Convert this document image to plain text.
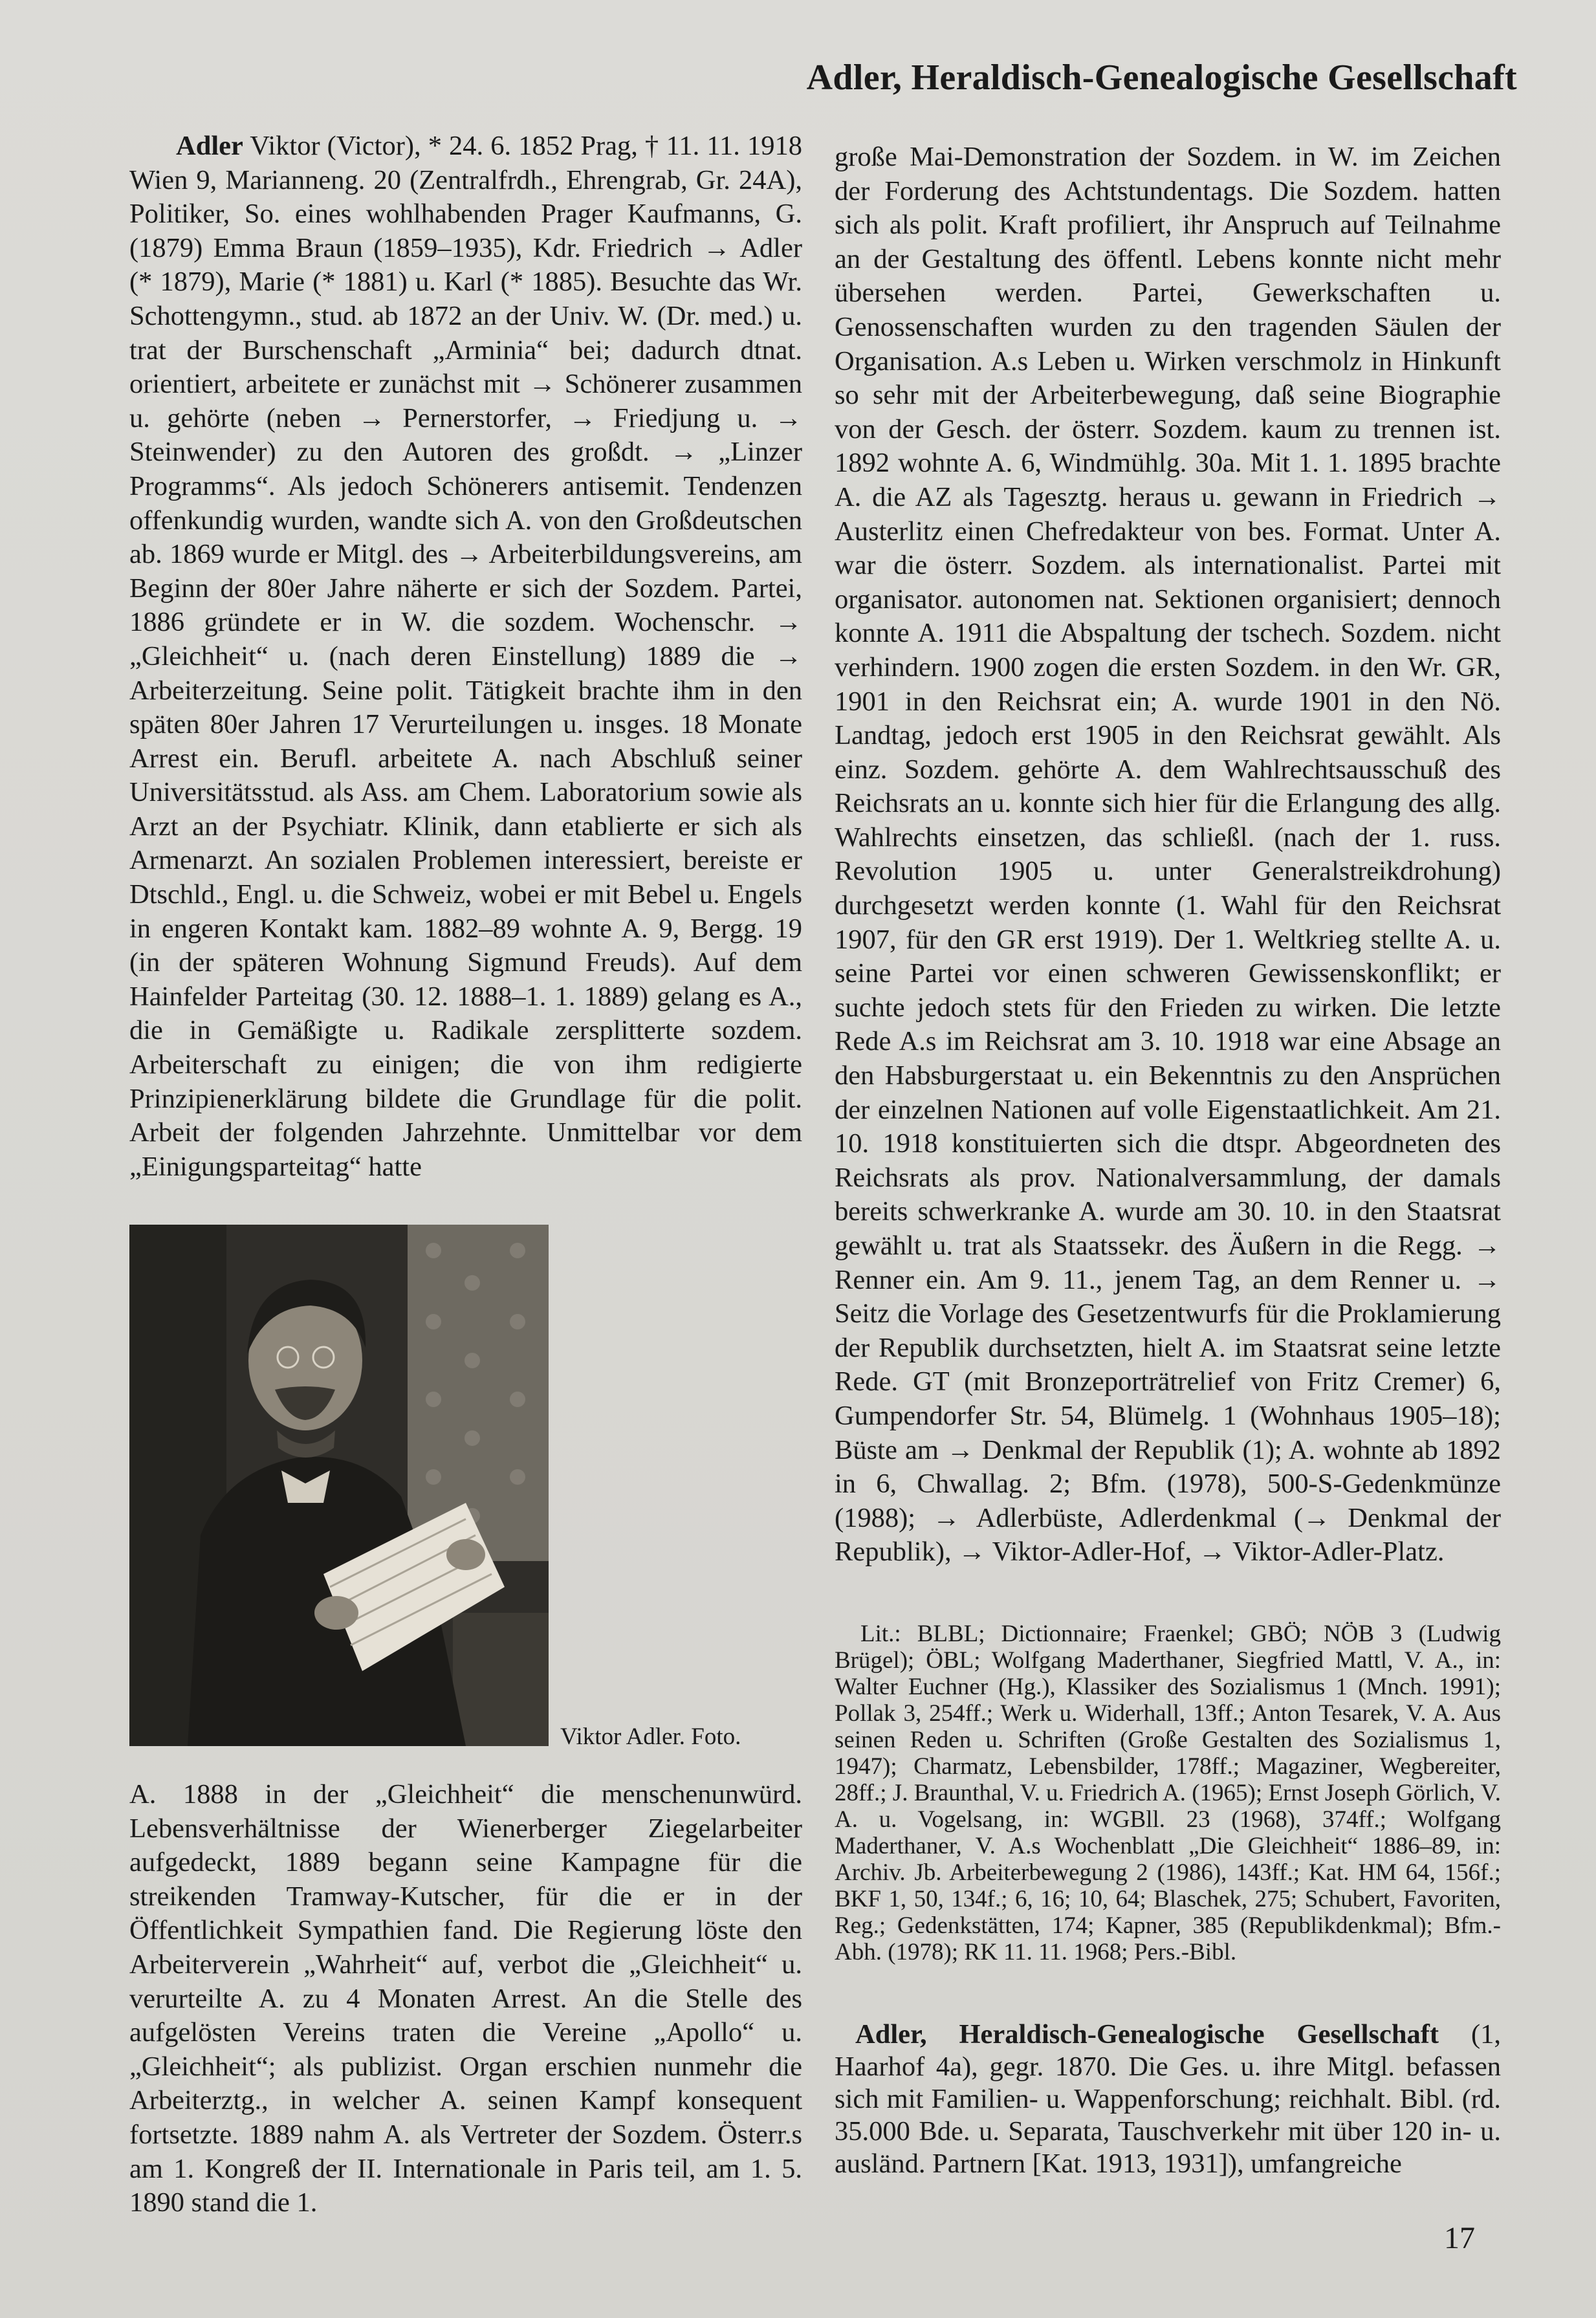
Adler, Heraldisch-Genealogische Gesellschaft

Adler Viktor (Victor), * 24. 6. 1852 Prag, † 11. 11. 1918 Wien 9, Marianneng. 20 (Zentralfrdh., Ehrengrab, Gr. 24A), Politiker, So. eines wohlhabenden Prager Kaufmanns, G. (1879) Emma Braun (1859–1935), Kdr. Friedrich → Adler (* 1879), Marie (* 1881) u. Karl (* 1885). Besuchte das Wr. Schottengymn., stud. ab 1872 an der Univ. W. (Dr. med.) u. trat der Burschenschaft „Arminia“ bei; dadurch dtnat. orientiert, arbeitete er zunächst mit → Schönerer zusammen u. gehörte (neben → Pernerstorfer, → Friedjung u. → Steinwender) zu den Autoren des großdt. → „Linzer Programms“. Als jedoch Schönerers antisemit. Tendenzen offenkundig wurden, wandte sich A. von den Großdeutschen ab. 1869 wurde er Mitgl. des → Arbeiterbildungsvereins, am Beginn der 80er Jahre näherte er sich der Sozdem. Partei, 1886 gründete er in W. die sozdem. Wochenschr. → „Gleichheit“ u. (nach deren Einstellung) 1889 die → Arbeiterzeitung. Seine polit. Tätigkeit brachte ihm in den späten 80er Jahren 17 Verurteilungen u. insges. 18 Monate Arrest ein. Berufl. arbeitete A. nach Abschluß seiner Universitätsstud. als Ass. am Chem. Laboratorium sowie als Arzt an der Psychiatr. Klinik, dann etablierte er sich als Armenarzt. An sozialen Problemen interessiert, bereiste er Dtschld., Engl. u. die Schweiz, wobei er mit Bebel u. Engels in engeren Kontakt kam. 1882–89 wohnte A. 9, Bergg. 19 (in der späteren Wohnung Sigmund Freuds). Auf dem Hainfelder Parteitag (30. 12. 1888–1. 1. 1889) gelang es A., die in Gemäßigte u. Radikale zersplitterte sozdem. Arbeiterschaft zu einigen; die von ihm redigierte Prinzipienerklärung bildete die Grundlage für die polit. Arbeit der folgenden Jahrzehnte. Unmittelbar vor dem „Einigungsparteitag“ hatte

Viktor Adler. Foto.

A. 1888 in der „Gleichheit“ die menschenunwürd. Lebensverhältnisse der Wienerberger Ziegelarbeiter aufgedeckt, 1889 begann seine Kampagne für die streikenden Tramway-Kutscher, für die er in der Öffentlichkeit Sympathien fand. Die Regierung löste den Arbeiterverein „Wahrheit“ auf, verbot die „Gleichheit“ u. verurteilte A. zu 4 Monaten Arrest. An die Stelle des aufgelösten Vereins traten die Vereine „Apollo“ u. „Gleichheit“; als publizist. Organ erschien nunmehr die Arbeiterztg., in welcher A. seinen Kampf konsequent fortsetzte. 1889 nahm A. als Vertreter der Sozdem. Österr.s am 1. Kongreß der II. Internationale in Paris teil, am 1. 5. 1890 stand die 1.

große Mai-Demonstration der Sozdem. in W. im Zeichen der Forderung des Achtstundentags. Die Sozdem. hatten sich als polit. Kraft profiliert, ihr Anspruch auf Teilnahme an der Gestaltung des öffentl. Lebens konnte nicht mehr übersehen werden. Partei, Gewerkschaften u. Genossenschaften wurden zu den tragenden Säulen der Organisation. A.s Leben u. Wirken verschmolz in Hinkunft so sehr mit der Arbeiterbewegung, daß seine Biographie von der Gesch. der österr. Sozdem. kaum zu trennen ist. 1892 wohnte A. 6, Windmühlg. 30a. Mit 1. 1. 1895 brachte A. die AZ als Tagesztg. heraus u. gewann in Friedrich → Austerlitz einen Chefredakteur von bes. Format. Unter A. war die österr. Sozdem. als internationalist. Partei mit organisator. autonomen nat. Sektionen organisiert; dennoch konnte A. 1911 die Abspaltung der tschech. Sozdem. nicht verhindern. 1900 zogen die ersten Sozdem. in den Wr. GR, 1901 in den Reichsrat ein; A. wurde 1901 in den Nö. Landtag, jedoch erst 1905 in den Reichsrat gewählt. Als einz. Sozdem. gehörte A. dem Wahlrechtsausschuß des Reichsrats an u. konnte sich hier für die Erlangung des allg. Wahlrechts einsetzen, das schließl. (nach der 1. russ. Revolution 1905 u. unter Generalstreikdrohung) durchgesetzt werden konnte (1. Wahl für den Reichsrat 1907, für den GR erst 1919). Der 1. Weltkrieg stellte A. u. seine Partei vor einen schweren Gewissenskonflikt; er suchte jedoch stets für den Frieden zu wirken. Die letzte Rede A.s im Reichsrat am 3. 10. 1918 war eine Absage an den Habsburgerstaat u. ein Bekenntnis zu den Ansprüchen der einzelnen Nationen auf volle Eigenstaatlichkeit. Am 21. 10. 1918 konstituierten sich die dtspr. Abgeordneten des Reichsrats als prov. Nationalversammlung, der damals bereits schwerkranke A. wurde am 30. 10. in den Staatsrat gewählt u. trat als Staatssekr. des Äußern in die Regg. → Renner ein. Am 9. 11., jenem Tag, an dem Renner u. → Seitz die Vorlage des Gesetzentwurfs für die Proklamierung der Republik durchsetzten, hielt A. im Staatsrat seine letzte Rede. GT (mit Bronzeporträtrelief von Fritz Cremer) 6, Gumpendorfer Str. 54, Blümelg. 1 (Wohnhaus 1905–18); Büste am → Denkmal der Republik (1); A. wohnte ab 1892 in 6, Chwallag. 2; Bfm. (1978), 500-S-Gedenkmünze (1988); → Adlerbüste, Adlerdenkmal (→ Denkmal der Republik), → Viktor-Adler-Hof, → Viktor-Adler-Platz.

Lit.: BLBL; Dictionnaire; Fraenkel; GBÖ; NÖB 3 (Ludwig Brügel); ÖBL; Wolfgang Maderthaner, Siegfried Mattl, V. A., in: Walter Euchner (Hg.), Klassiker des Sozialismus 1 (Mnch. 1991); Pollak 3, 254ff.; Werk u. Widerhall, 13ff.; Anton Tesarek, V. A. Aus seinen Reden u. Schriften (Große Gestalten des Sozialismus 1, 1947); Charmatz, Lebensbilder, 178ff.; Magaziner, Wegbereiter, 28ff.; J. Braunthal, V. u. Friedrich A. (1965); Ernst Joseph Görlich, V. A. u. Vogelsang, in: WGBll. 23 (1968), 374ff.; Wolfgang Maderthaner, V. A.s Wochenblatt „Die Gleichheit“ 1886–89, in: Archiv. Jb. Arbeiterbewegung 2 (1986), 143ff.; Kat. HM 64, 156f.; BKF 1, 50, 134f.; 6, 16; 10, 64; Blaschek, 275; Schubert, Favoriten, Reg.; Gedenkstätten, 174; Kapner, 385 (Republikdenkmal); Bfm.-Abh. (1978); RK 11. 11. 1968; Pers.-Bibl.
Adler, Heraldisch-Genealogische Gesellschaft (1, Haarhof 4a), gegr. 1870. Die Ges. u. ihre Mitgl. befassen sich mit Familien- u. Wappenforschung; reichhalt. Bibl. (rd. 35.000 Bde. u. Separata, Tauschverkehr mit über 120 in- u. ausländ. Partnern [Kat. 1913, 1931]), umfangreiche
17
